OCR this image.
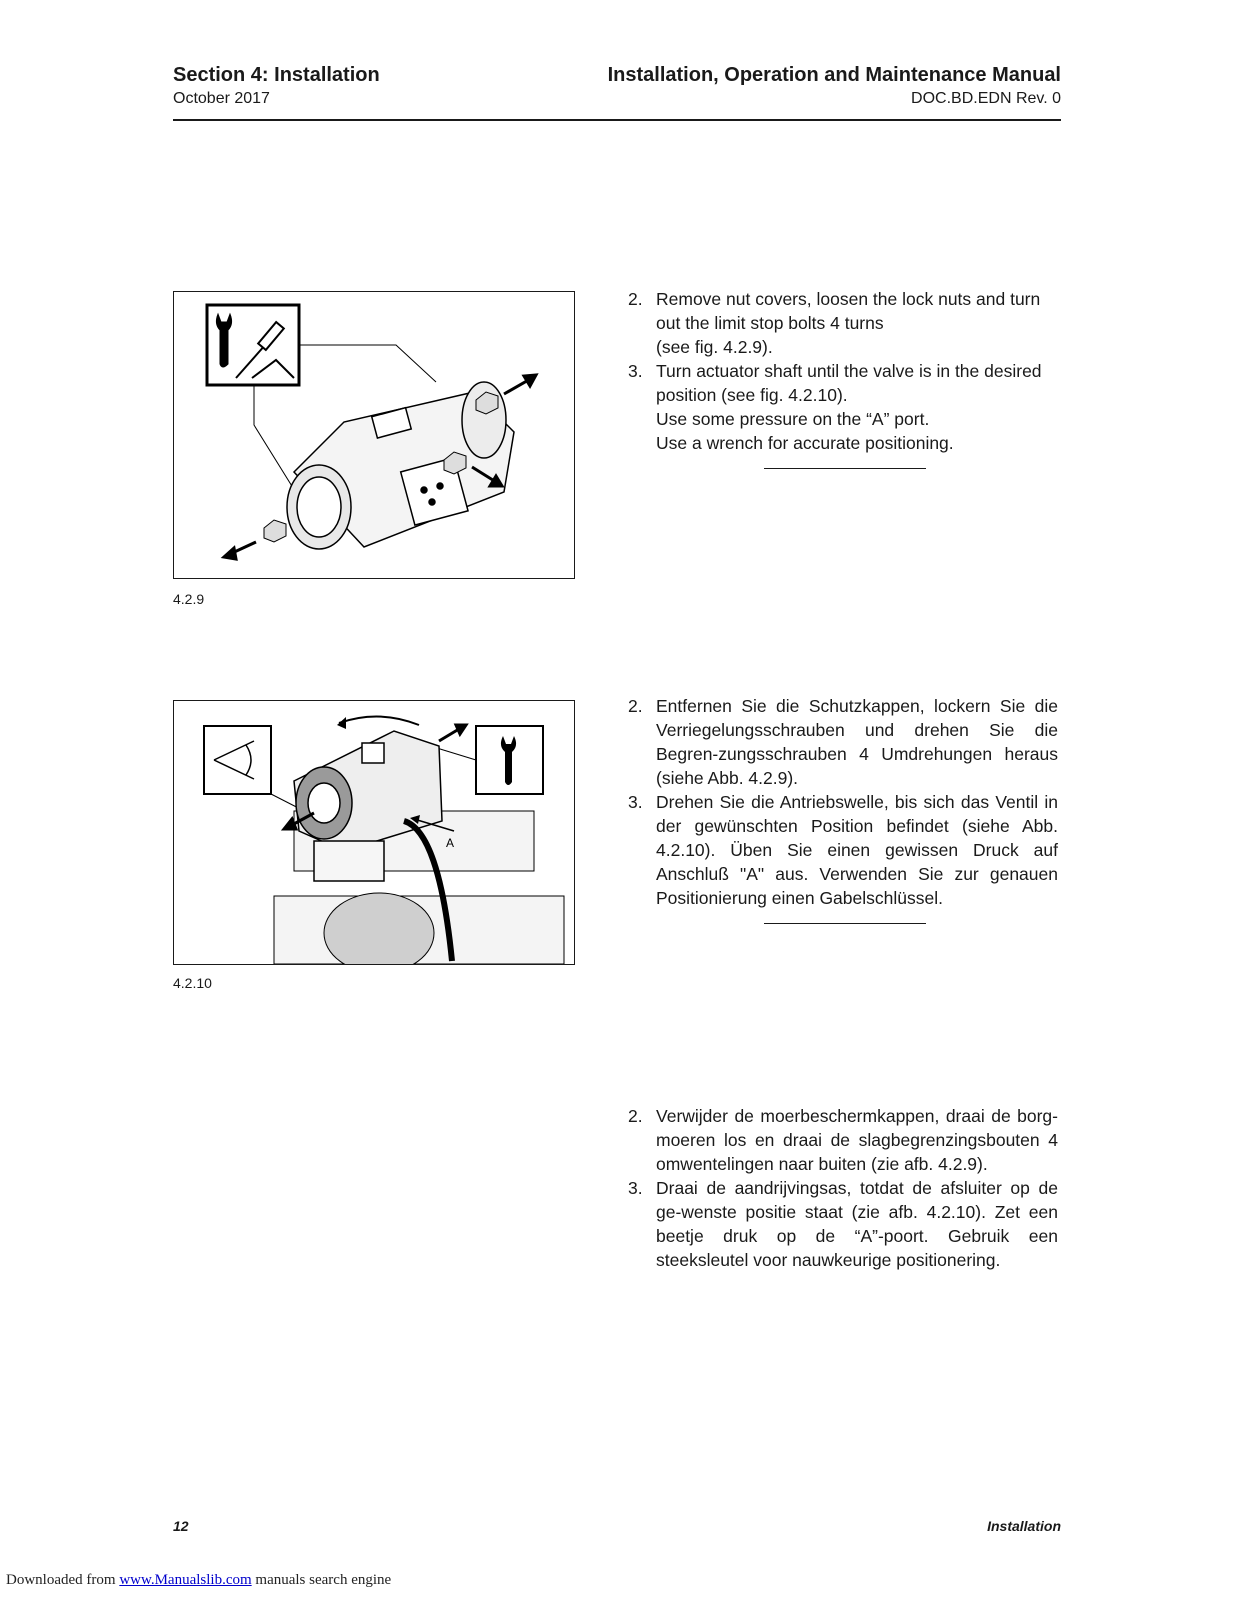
Section 4: Installation
October 2017
Installation, Operation and Maintenance Manual
DOC.BD.EDN Rev. 0
4.2.9
A
4.2.10
2. Remove nut covers, loosen the lock nuts and turn
out the limit stop bolts 4 turns
(see fig. 4.2.9).
3. Turn actuator shaft until the valve is in the desired
position (see fig. 4.2.10).
Use some pressure on the “A” port.
Use a wrench for accurate positioning.
2. Entfernen Sie die Schutzkappen, lockern Sie die Verriegelungsschrauben und drehen Sie die Begren-zungsschrauben 4 Umdrehungen heraus (siehe Abb. 4.2.9).
3. Drehen Sie die Antriebswelle, bis sich das Ventil in der gewünschten Position befindet (siehe Abb. 4.2.10). Üben Sie einen gewissen Druck auf Anschluß "A" aus. Verwenden Sie zur genauen Positionierung einen Gabelschlüssel.
2. Verwijder de moerbeschermkappen, draai de borg-moeren los en draai de slagbegrenzingsbouten 4 omwentelingen naar buiten (zie afb. 4.2.9).
3. Draai de aandrijvingsas, totdat de afsluiter op de ge-wenste positie staat (zie afb. 4.2.10). Zet een beetje druk op de “A”-poort. Gebruik een steeksleutel voor nauwkeurige positionering.
12	Installation
Downloaded from www.Manualslib.com manuals search engine
